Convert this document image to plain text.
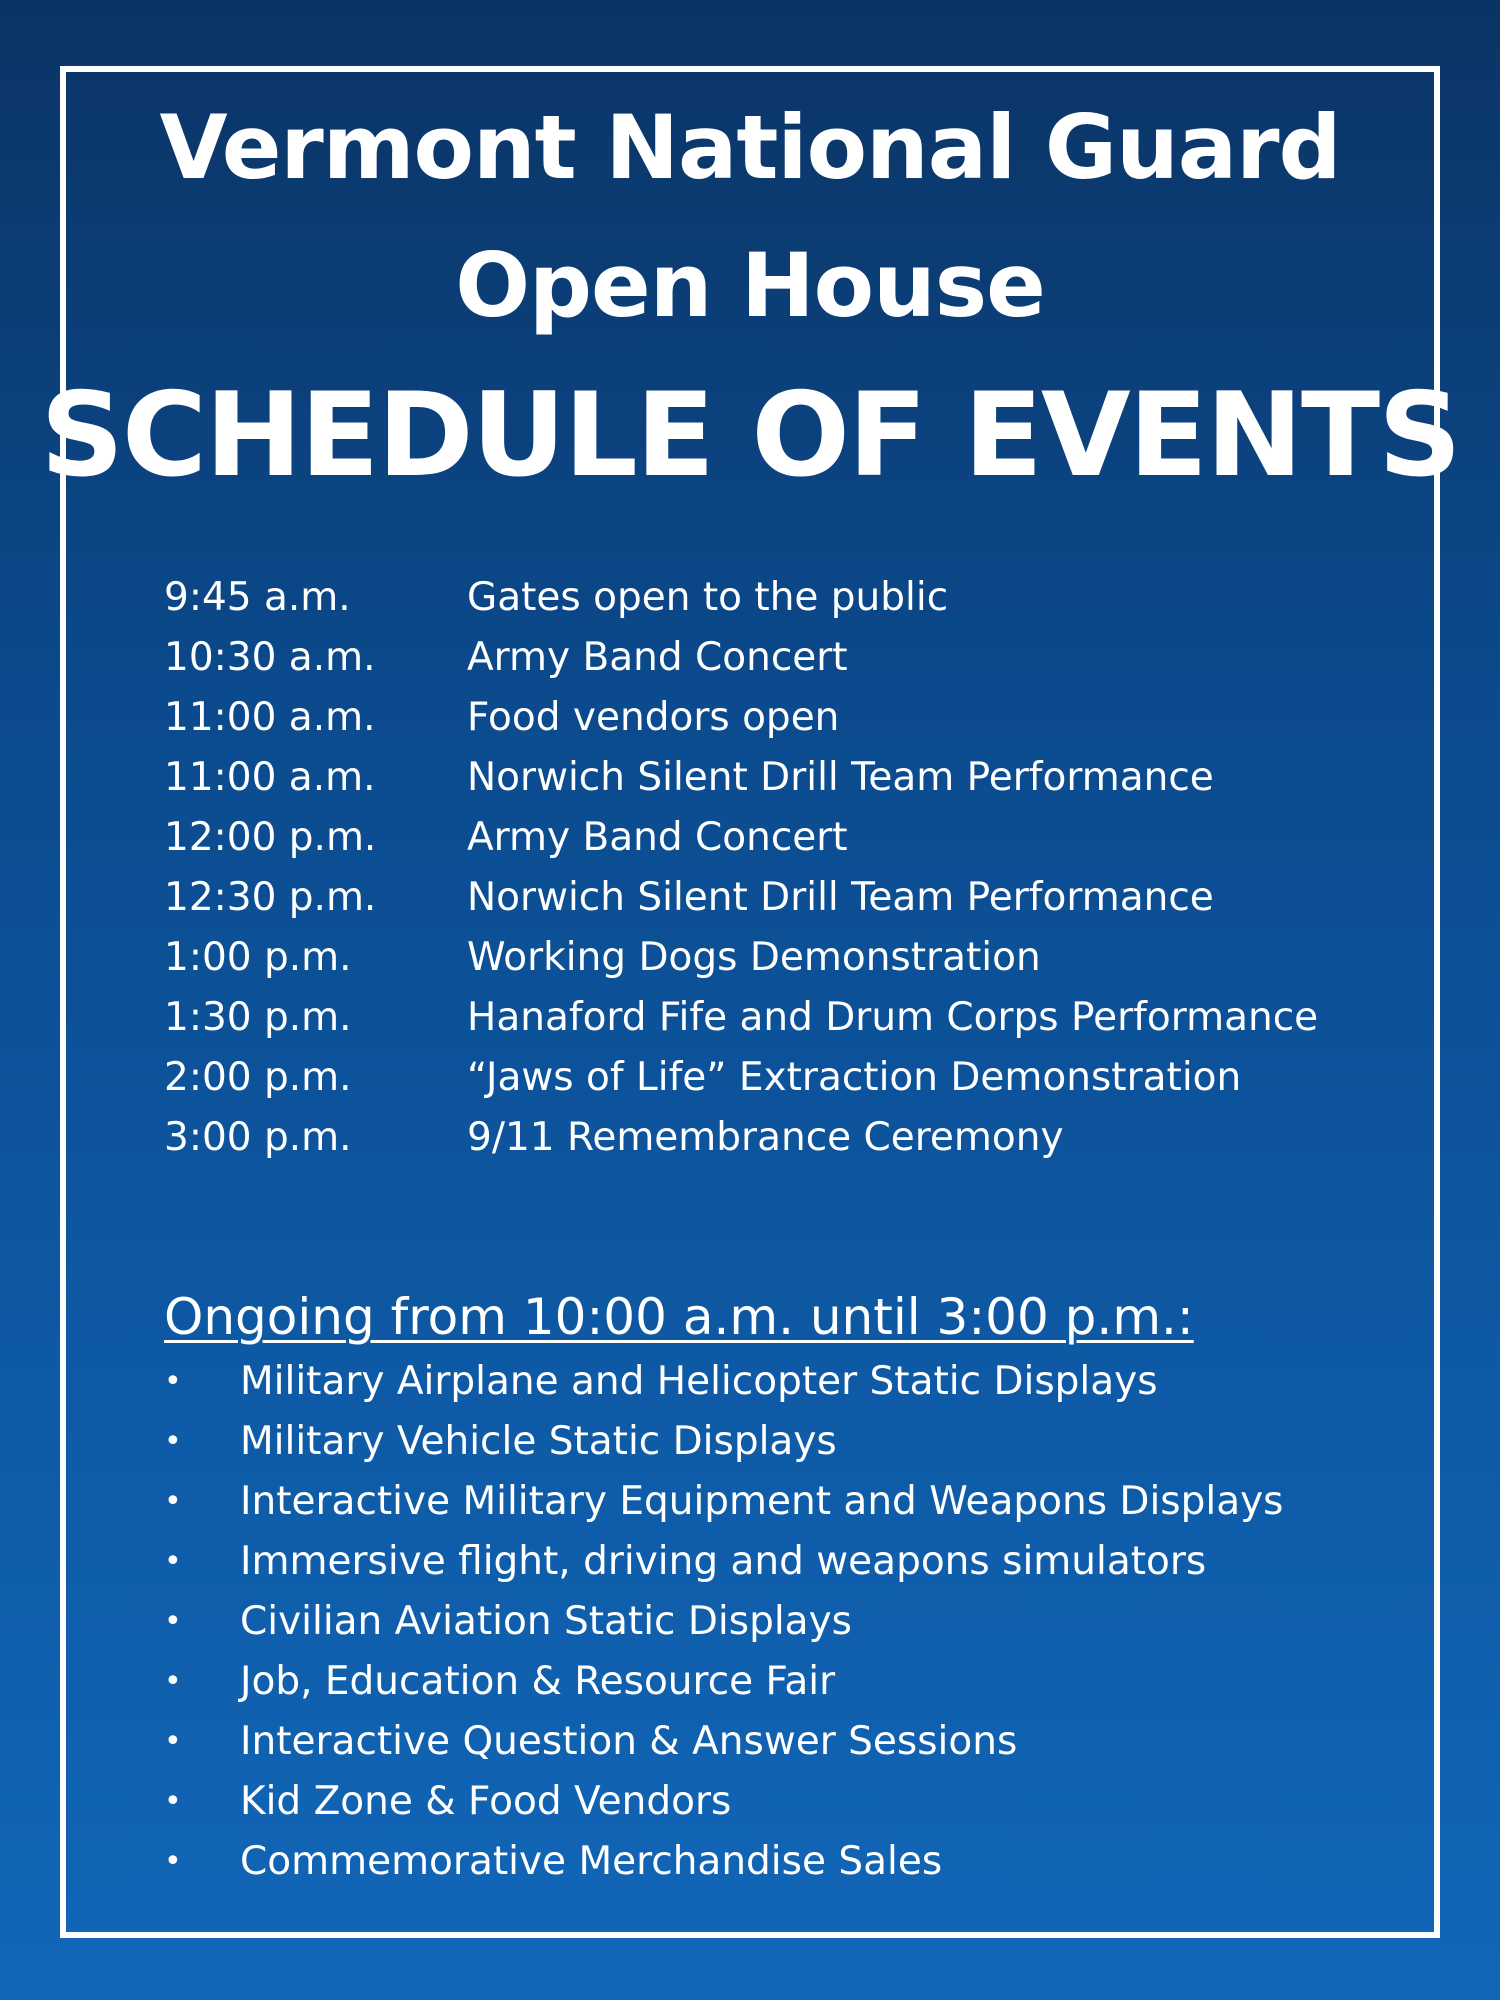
Vermont National Guard
Open House
SCHEDULE OF EVENTS
9:45 a.m.	Gates open to the public
10:30 a.m.	Army Band Concert
11:00 a.m.	Food vendors open
11:00 a.m.	Norwich Silent Drill Team Performance
12:00 p.m.	Army Band Concert
12:30 p.m.	Norwich Silent Drill Team Performance
1:00 p.m.	Working Dogs Demonstration
1:30 p.m.	Hanaford Fife and Drum Corps Performance
2:00 p.m.	“Jaws of Life” Extraction Demonstration
3:00 p.m.	9/11 Remembrance Ceremony
Ongoing from 10:00 a.m. until 3:00 p.m.:
•	Military Airplane and Helicopter Static Displays
•	Military Vehicle Static Displays
•	Interactive Military Equipment and Weapons Displays
•	Immersive flight, driving and weapons simulators
•	Civilian Aviation Static Displays
•	Job, Education & Resource Fair
•	Interactive Question & Answer Sessions
•	Kid Zone & Food Vendors
•	Commemorative Merchandise Sales
